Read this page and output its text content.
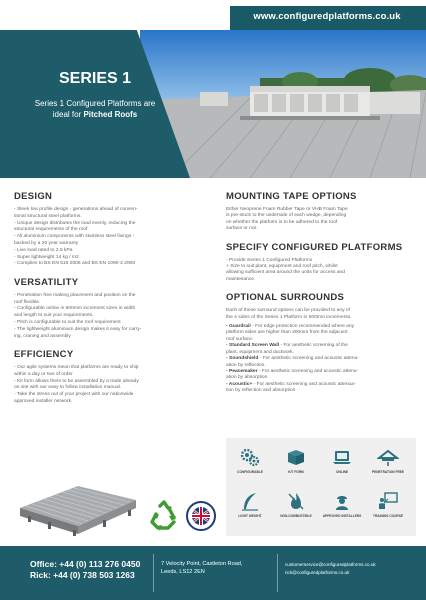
www.configuredplatforms.co.uk
SERIES 1
Series 1 Configured Platforms are
ideal for Pitched Roofs
DESIGN
- Sleek low profile design - generations ahead of conven-
tional structural steel platforms.
- Unique design distributes the load evenly, reducing the
structural requirements of the roof.
- All aluminium components with stainless steel fixings -
backed by a 20 year warranty
- Live load rated to 2.5 kPa
- Super lightweight 14 kg / m2
- Complies to BS EN 516 2006 and BS EN 1090-3 2008
VERSATILITY
- Penetration free making placement and position on the
roof flexible.
- Configurable online in 600mm increment sizes in width
and length to suit your requirements.
- Pitch is configurable to suit the roof requirement
- The lightweight aluminium design makes it easy for carry-
ing, craning and assembly
EFFICIENCY
- Our agile systems mean that platforms are ready to ship
within a day or two of order
- Kit form allows them to be assembled by a trade already
on site with our easy to follow installation manual.
- Take the stress out of your project with our nationwide
approved installer network.
MOUNTING TAPE OPTIONS
Either Neoprene Foam Rubber Tape or VHB Foam Tape
is pre-stuck to the underside of each wedge, depending
on whether the platform is to be adhered to the roof
surface or not.
SPECIFY CONFIGURED PLATFORMS
- Provide Series 1 Configured Platforms
+ Size to suit plant, equipment and roof pitch, whilst
allowing sufficient area around the units for access and
maintenance.
OPTIONAL SURROUNDS
Each of these surround options can be provided to any of
the 4 sides of the Series 1 Platform in 600mm increments.
- Guardrail - For edge protection recommended where any
platform sides are higher than 300mm from the adjacent
roof surface.
- Standard Screen Wall - For aesthetic screening of the
plant, equipment and ductwork.
- Soundshield - For aesthetic screening and acoustic attenu-
ation by reflection.
- Peacemaker - For aesthetic screening and acoustic attenu-
ation by absorption
- Acoustic+ - For aesthetic screening and acoustic attenua-
tion by reflection and absorption
CONFIGURABLE	KIT FORM	ONLINE	PENETRATION FREE
LIGHT WEIGHT	NON-COMBUSTIBLE	APPROVED INSTALLERS	TRAINING COURSE
Office: +44 (0) 113 276 0450
Rick: +44 (0) 738 503 1263
7 Velocity Point, Castleton Road,
Leeds, LS12 2EN
customerservice@configuredplatforms.co.uk
rick@configuredplatforms.co.uk
